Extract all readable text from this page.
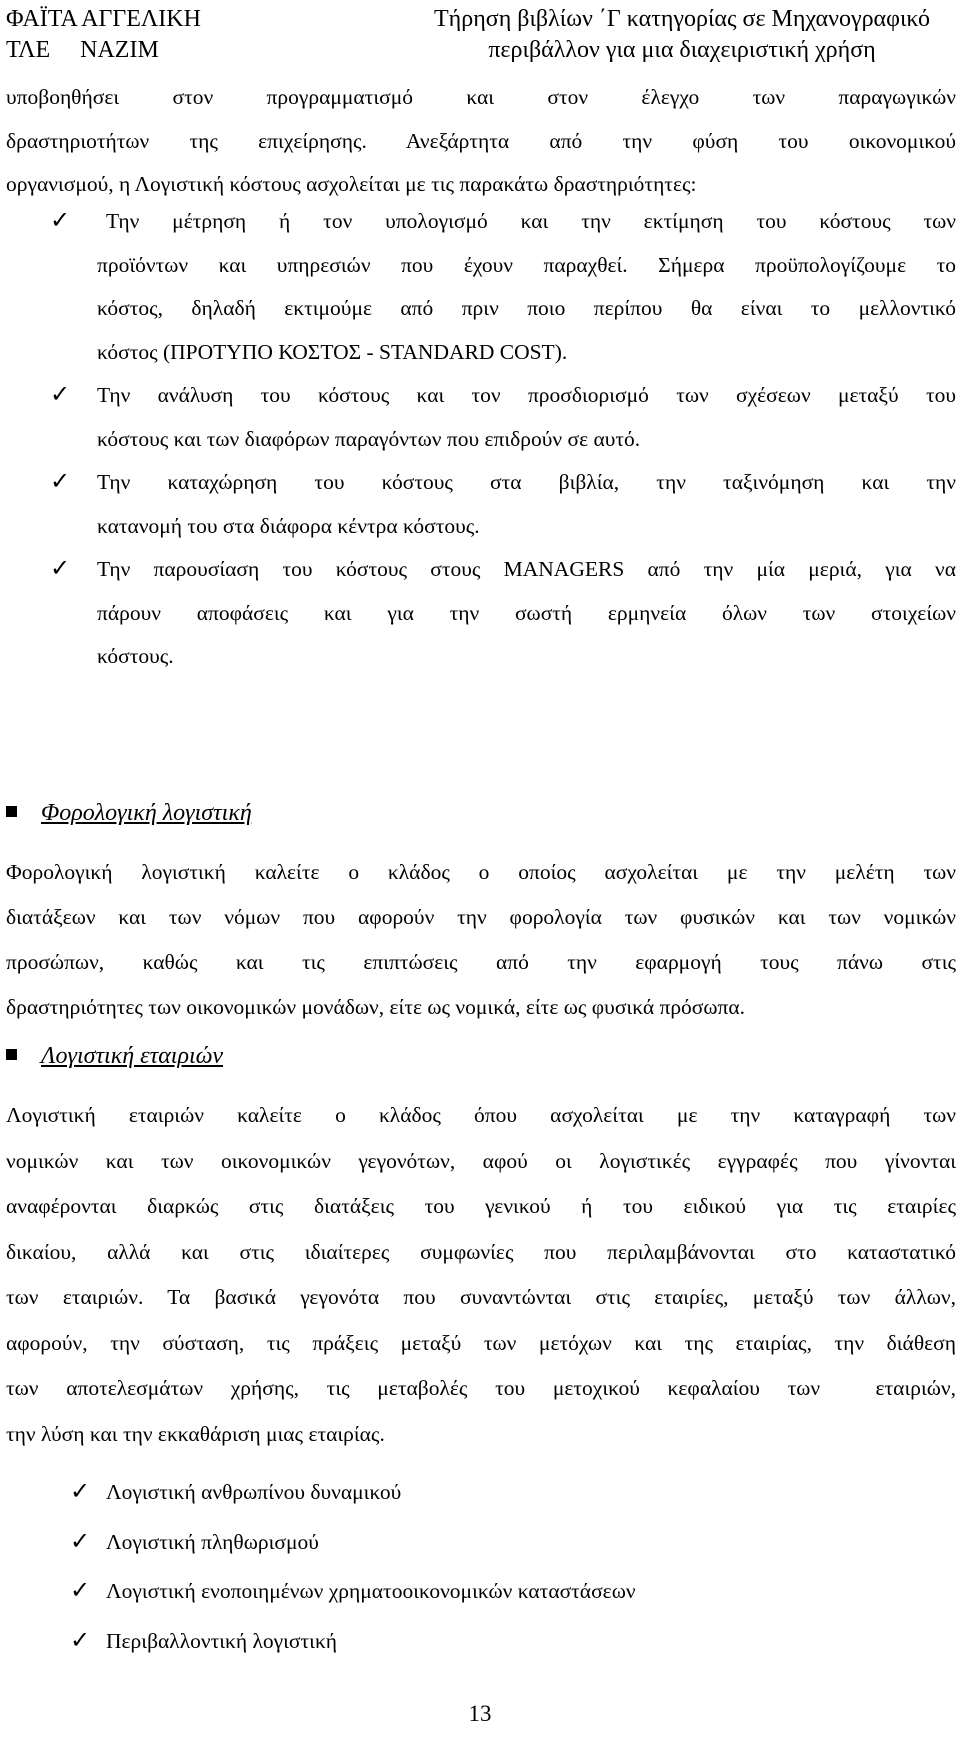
ΦΑΪΤΑ ΑΓΓΕΛΙΚΗ
ΤΛΕ     ΝΑΖΙΜ
Τήρηση βιβλίων ΄Γ κατηγορίας σε Μηχανογραφικό
περιβάλλον για μια διαχειριστική χρήση

υποβοηθήσει στον προγραμματισμό και στον έλεγχο των παραγωγικών

δραστηριοτήτων της επιχείρησης. Ανεξάρτητα από την φύση του οικονομικού

οργανισμού, η Λογιστική κόστους ασχολείται με τις παρακάτω δραστηριότητες:

✓ Την μέτρηση ή τον υπολογισμό και την εκτίμηση του κόστους των

προϊόντων και υπηρεσιών που έχουν παραχθεί. Σήμερα προϋπολογίζουμε το

κόστος, δηλαδή εκτιμούμε από πριν ποιο περίπου θα είναι το μελλοντικό

κόστος (ΠΡΟΤΥΠΟ ΚΟΣΤΟΣ - STANDARD COST).

✓ Την ανάλυση του κόστους και τον προσδιορισμό των σχέσεων μεταξύ του

κόστους και των διαφόρων παραγόντων που επιδρούν σε αυτό.

✓ Την καταχώρηση του κόστους στα βιβλία, την ταξινόμηση και την

κατανομή του στα διάφορα κέντρα κόστους.

✓ Την παρουσίαση του κόστους στους MANAGERS από την μία μεριά, για να

πάρουν αποφάσεις και για την σωστή ερμηνεία όλων των στοιχείων

κόστους.

Φορολογική λογιστική

Φορολογική λογιστική καλείτε ο κλάδος ο οποίος ασχολείται με την μελέτη των

διατάξεων και των νόμων που αφορούν την φορολογία των φυσικών και των νομικών

προσώπων, καθώς και τις επιπτώσεις από την εφαρμογή τους πάνω στις

δραστηριότητες των οικονομικών μονάδων, είτε ως νομικά, είτε ως φυσικά πρόσωπα.

Λογιστική εταιριών

Λογιστική εταιριών καλείτε ο κλάδος όπου ασχολείται με την καταγραφή των

νομικών και των οικονομικών γεγονότων, αφού οι λογιστικές εγγραφές που γίνονται

αναφέρονται διαρκώς στις διατάξεις του γενικού ή του ειδικού για τις εταιρίες

δικαίου, αλλά και στις ιδιαίτερες συμφωνίες που περιλαμβάνονται στο καταστατικό

των εταιριών. Τα βασικά γεγονότα που συναντώνται στις εταιρίες, μεταξύ των άλλων,

αφορούν, την σύσταση, τις πράξεις μεταξύ των μετόχων και της εταιρίας, την διάθεση

των αποτελεσμάτων χρήσης, τις μεταβολές του μετοχικού κεφαλαίου των  εταιριών,

την λύση και την εκκαθάριση μιας εταιρίας.

✓ Λογιστική ανθρωπίνου δυναμικού
✓ Λογιστική πληθωρισμού
✓ Λογιστική ενοποιημένων χρηματοοικονομικών καταστάσεων
✓ Περιβαλλοντική λογιστική
13
